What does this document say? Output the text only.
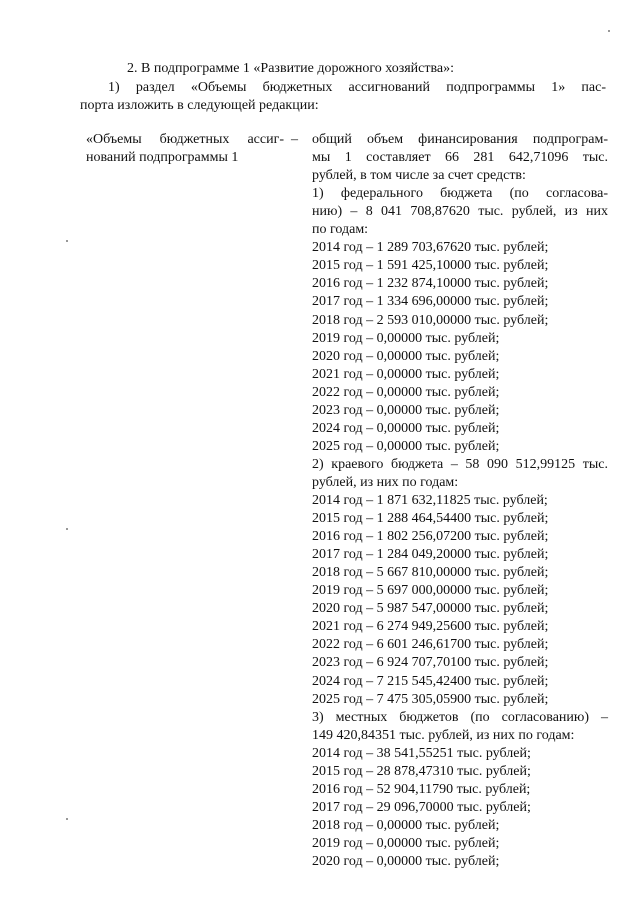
2. В подпрограмме 1 «Развитие дорожного хозяйства»:
1) раздел «Объемы бюджетных ассигнований подпрограммы 1» пас-
порта изложить в следующей редакции:
«Объемы бюджетных ассиг- –
нований подпрограммы 1
общий объем финансирования подпрограм-
мы 1 составляет 66 281 642,71096 тыс.
рублей, в том числе за счет средств:
1) федерального бюджета (по согласова-
нию) – 8 041 708,87620 тыс. рублей, из них
по годам:
2014 год – 1 289 703,67620 тыс. рублей;
2015 год – 1 591 425,10000 тыс. рублей;
2016 год – 1 232 874,10000 тыс. рублей;
2017 год – 1 334 696,00000 тыс. рублей;
2018 год – 2 593 010,00000 тыс. рублей;
2019 год – 0,00000 тыс. рублей;
2020 год – 0,00000 тыс. рублей;
2021 год – 0,00000 тыс. рублей;
2022 год – 0,00000 тыс. рублей;
2023 год – 0,00000 тыс. рублей;
2024 год – 0,00000 тыс. рублей;
2025 год – 0,00000 тыс. рублей;
2) краевого бюджета – 58 090 512,99125 тыс.
рублей, из них по годам:
2014 год – 1 871 632,11825 тыс. рублей;
2015 год – 1 288 464,54400 тыс. рублей;
2016 год – 1 802 256,07200 тыс. рублей;
2017 год – 1 284 049,20000 тыс. рублей;
2018 год – 5 667 810,00000 тыс. рублей;
2019 год – 5 697 000,00000 тыс. рублей;
2020 год – 5 987 547,00000 тыс. рублей;
2021 год – 6 274 949,25600 тыс. рублей;
2022 год – 6 601 246,61700 тыс. рублей;
2023 год – 6 924 707,70100 тыс. рублей;
2024 год – 7 215 545,42400 тыс. рублей;
2025 год – 7 475 305,05900 тыс. рублей;
3) местных бюджетов (по согласованию) –
149 420,84351 тыс. рублей, из них по годам:
2014 год – 38 541,55251 тыс. рублей;
2015 год – 28 878,47310 тыс. рублей;
2016 год – 52 904,11790 тыс. рублей;
2017 год – 29 096,70000 тыс. рублей;
2018 год – 0,00000 тыс. рублей;
2019 год – 0,00000 тыс. рублей;
2020 год – 0,00000 тыс. рублей;
